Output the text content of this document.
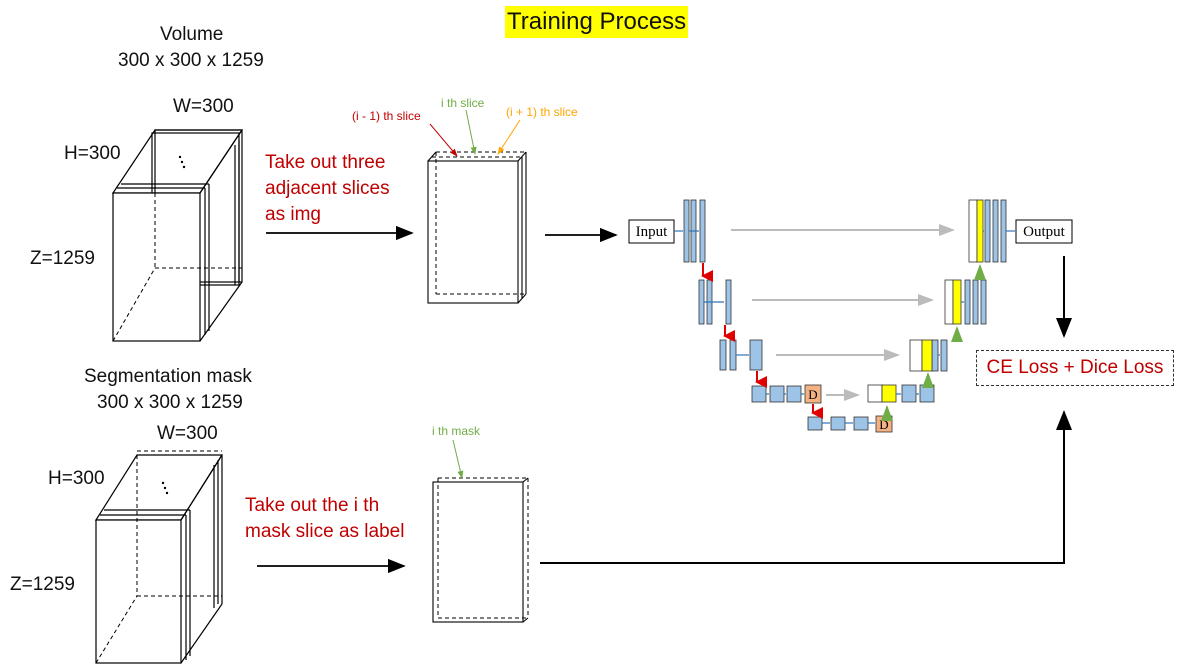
Training Process
Volume
300 x 300 x 1259
W=300
H=300
Z=1259
Segmentation mask
300 x 300 x 1259
W=300
H=300
Z=1259
Take out three
adjacent slices
as img
Take out the i th
mask slice as label
(i - 1) th slice
i th slice
(i + 1) th slice
i th mask
CE Loss + Dice Loss
Input	Output
D
D
